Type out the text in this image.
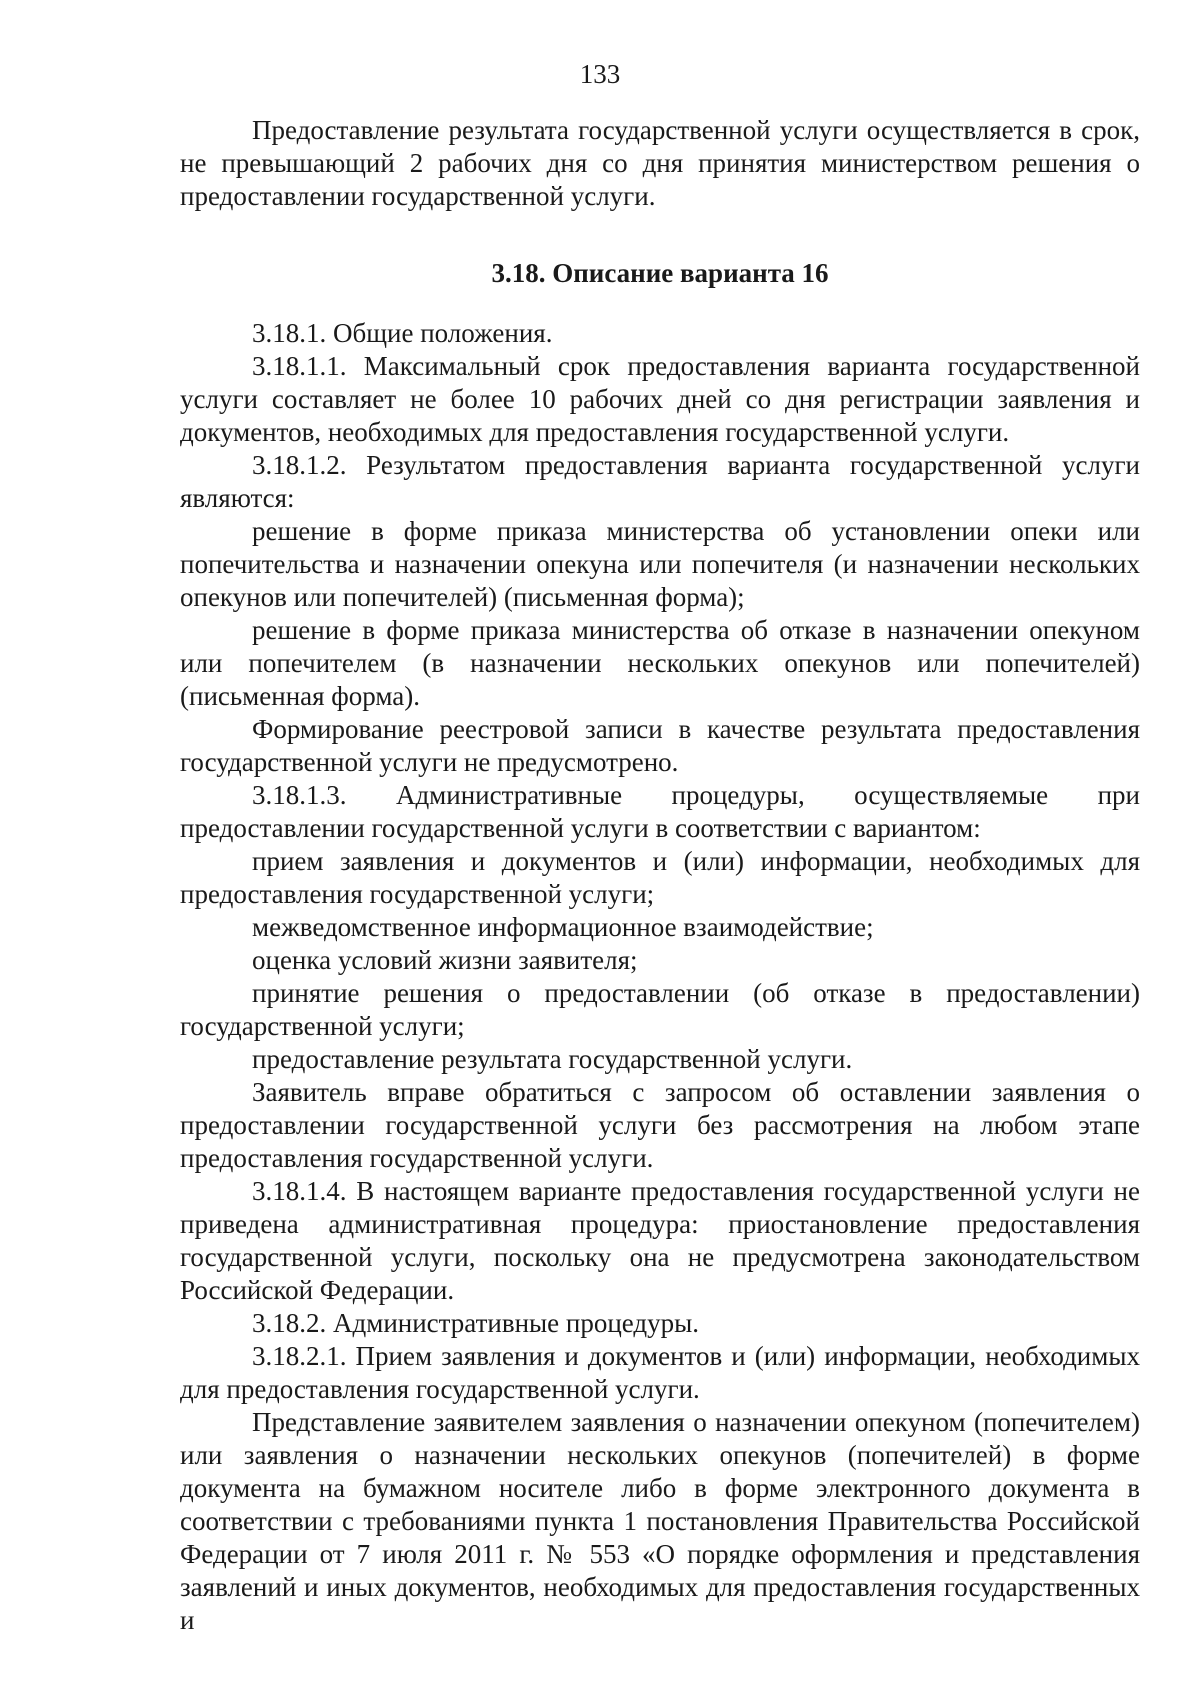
133

Предоставление результата государственной услуги осуществляется в срок, не превышающий 2 рабочих дня со дня принятия министерством решения о предоставлении государственной услуги.

3.18. Описание варианта 16

3.18.1. Общие положения.

3.18.1.1. Максимальный срок предоставления варианта государственной услуги составляет не более 10 рабочих дней со дня регистрации заявления и документов, необходимых для предоставления государственной услуги.

3.18.1.2. Результатом предоставления варианта государственной услуги являются:

решение в форме приказа министерства об установлении опеки или попечительства и назначении опекуна или попечителя (и назначении нескольких опекунов или попечителей) (письменная форма);

решение в форме приказа министерства об отказе в назначении опекуном или попечителем (в назначении нескольких опекунов или попечителей) (письменная форма).

Формирование реестровой записи в качестве результата предоставления государственной услуги не предусмотрено.

3.18.1.3. Административные процедуры, осуществляемые при предоставлении государственной услуги в соответствии с вариантом:

прием заявления и документов и (или) информации, необходимых для предоставления государственной услуги;

межведомственное информационное взаимодействие;

оценка условий жизни заявителя;

принятие решения о предоставлении (об отказе в предоставлении) государственной услуги;

предоставление результата государственной услуги.

Заявитель вправе обратиться с запросом об оставлении заявления о предоставлении государственной услуги без рассмотрения на любом этапе предоставления государственной услуги.

3.18.1.4. В настоящем варианте предоставления государственной услуги не приведена административная процедура: приостановление предоставления государственной услуги, поскольку она не предусмотрена законодательством Российской Федерации.

3.18.2. Административные процедуры.

3.18.2.1. Прием заявления и документов и (или) информации, необходимых для предоставления государственной услуги.

Представление заявителем заявления о назначении опекуном (попечителем) или заявления о назначении нескольких опекунов (попечителей) в форме документа на бумажном носителе либо в форме электронного документа в соответствии с требованиями пункта 1 постановления Правительства Российской Федерации от 7 июля 2011 г. № 553 «О порядке оформления и представления заявлений и иных документов, необходимых для предоставления государственных и
